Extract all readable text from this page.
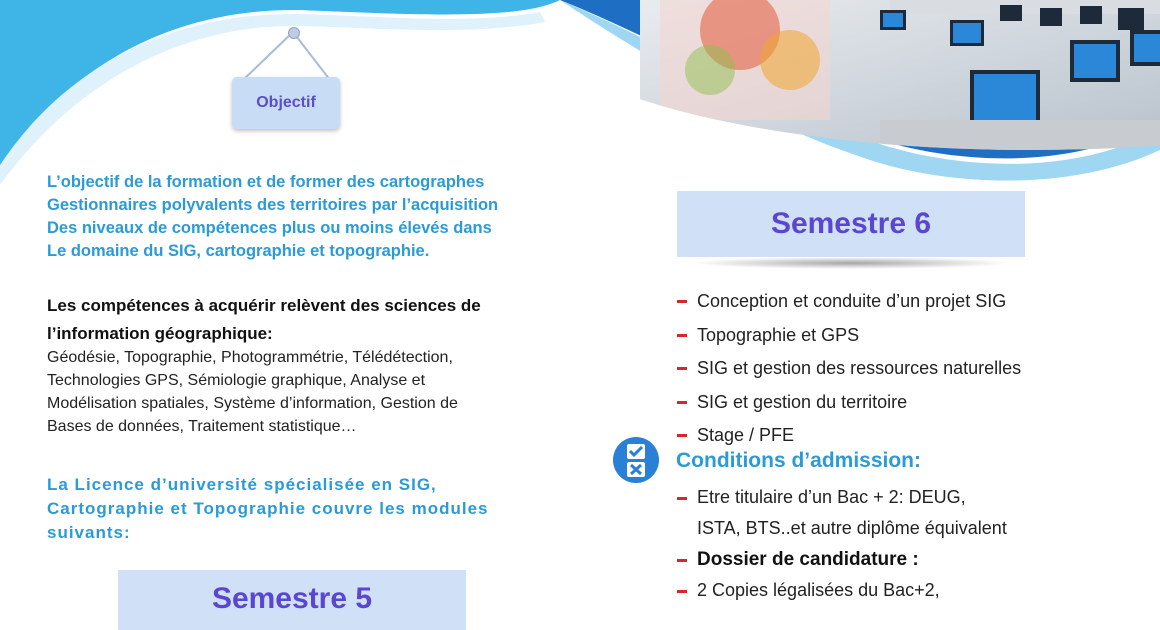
Objectif
L’objectif de la formation et de former des cartographes
Gestionnaires polyvalents des territoires par l’acquisition
Des niveaux de compétences plus ou moins élevés dans
Le domaine du SIG, cartographie et topographie.
Les compétences à acquérir relèvent des sciences de
l’information géographique:
Géodésie, Topographie, Photogrammétrie, Télédétection,
Technologies GPS, Sémiologie graphique, Analyse et
Modélisation spatiales, Système d’information, Gestion de
Bases de données, Traitement statistique…
La Licence d’université spécialisée en SIG,
Cartographie et Topographie couvre les modules
suivants:
Semestre 5
Semestre 6
Conception et conduite d’un projet SIG
Topographie et GPS
SIG et gestion des ressources naturelles
SIG et gestion du territoire
Stage / PFE
Conditions d’admission:
Etre titulaire d’un Bac + 2: DEUG,
ISTA, BTS..et autre diplôme équivalent
Dossier de candidature :
2 Copies légalisées du Bac+2,
